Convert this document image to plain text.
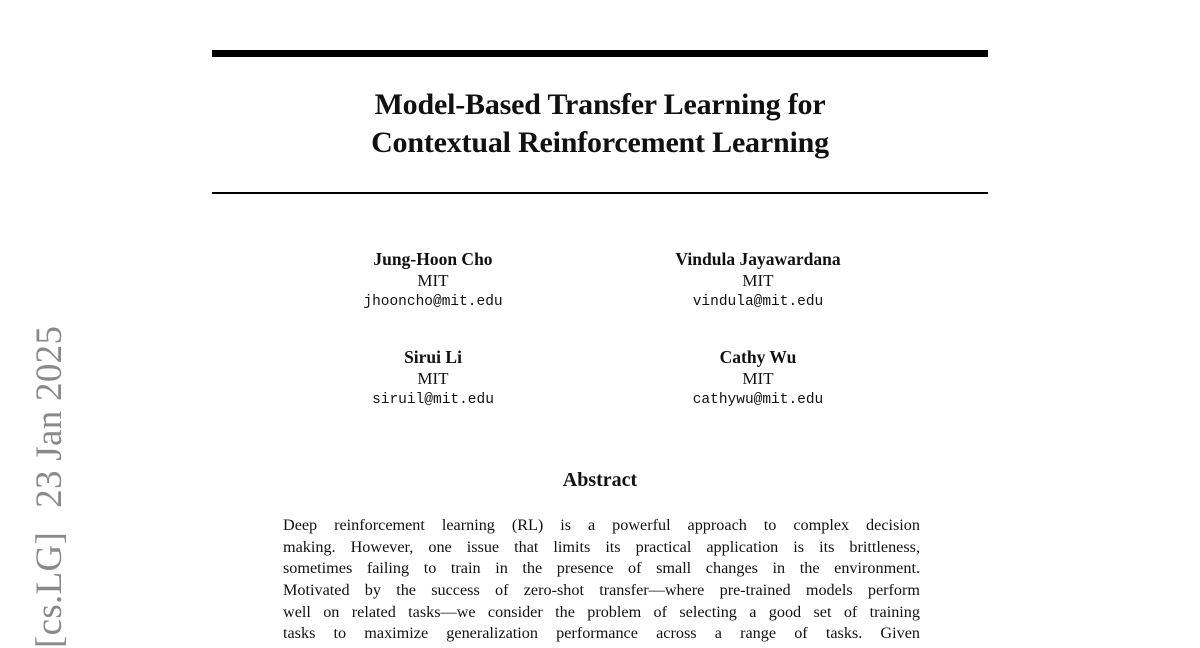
[cs.LG]23 Jan 2025
Model-Based Transfer Learning for
Contextual Reinforcement Learning
Jung-Hoon Cho
MIT
jhooncho@mit.edu
Vindula Jayawardana
MIT
vindula@mit.edu
Sirui Li
MIT
siruil@mit.edu
Cathy Wu
MIT
cathywu@mit.edu
Abstract
Deep reinforcement learning (RL) is a powerful approach to complex decision
making. However, one issue that limits its practical application is its brittleness,
sometimes failing to train in the presence of small changes in the environment.
Motivated by the success of zero-shot transfer—where pre-trained models perform
well on related tasks—we consider the problem of selecting a good set of training
tasks to maximize generalization performance across a range of tasks. Given
